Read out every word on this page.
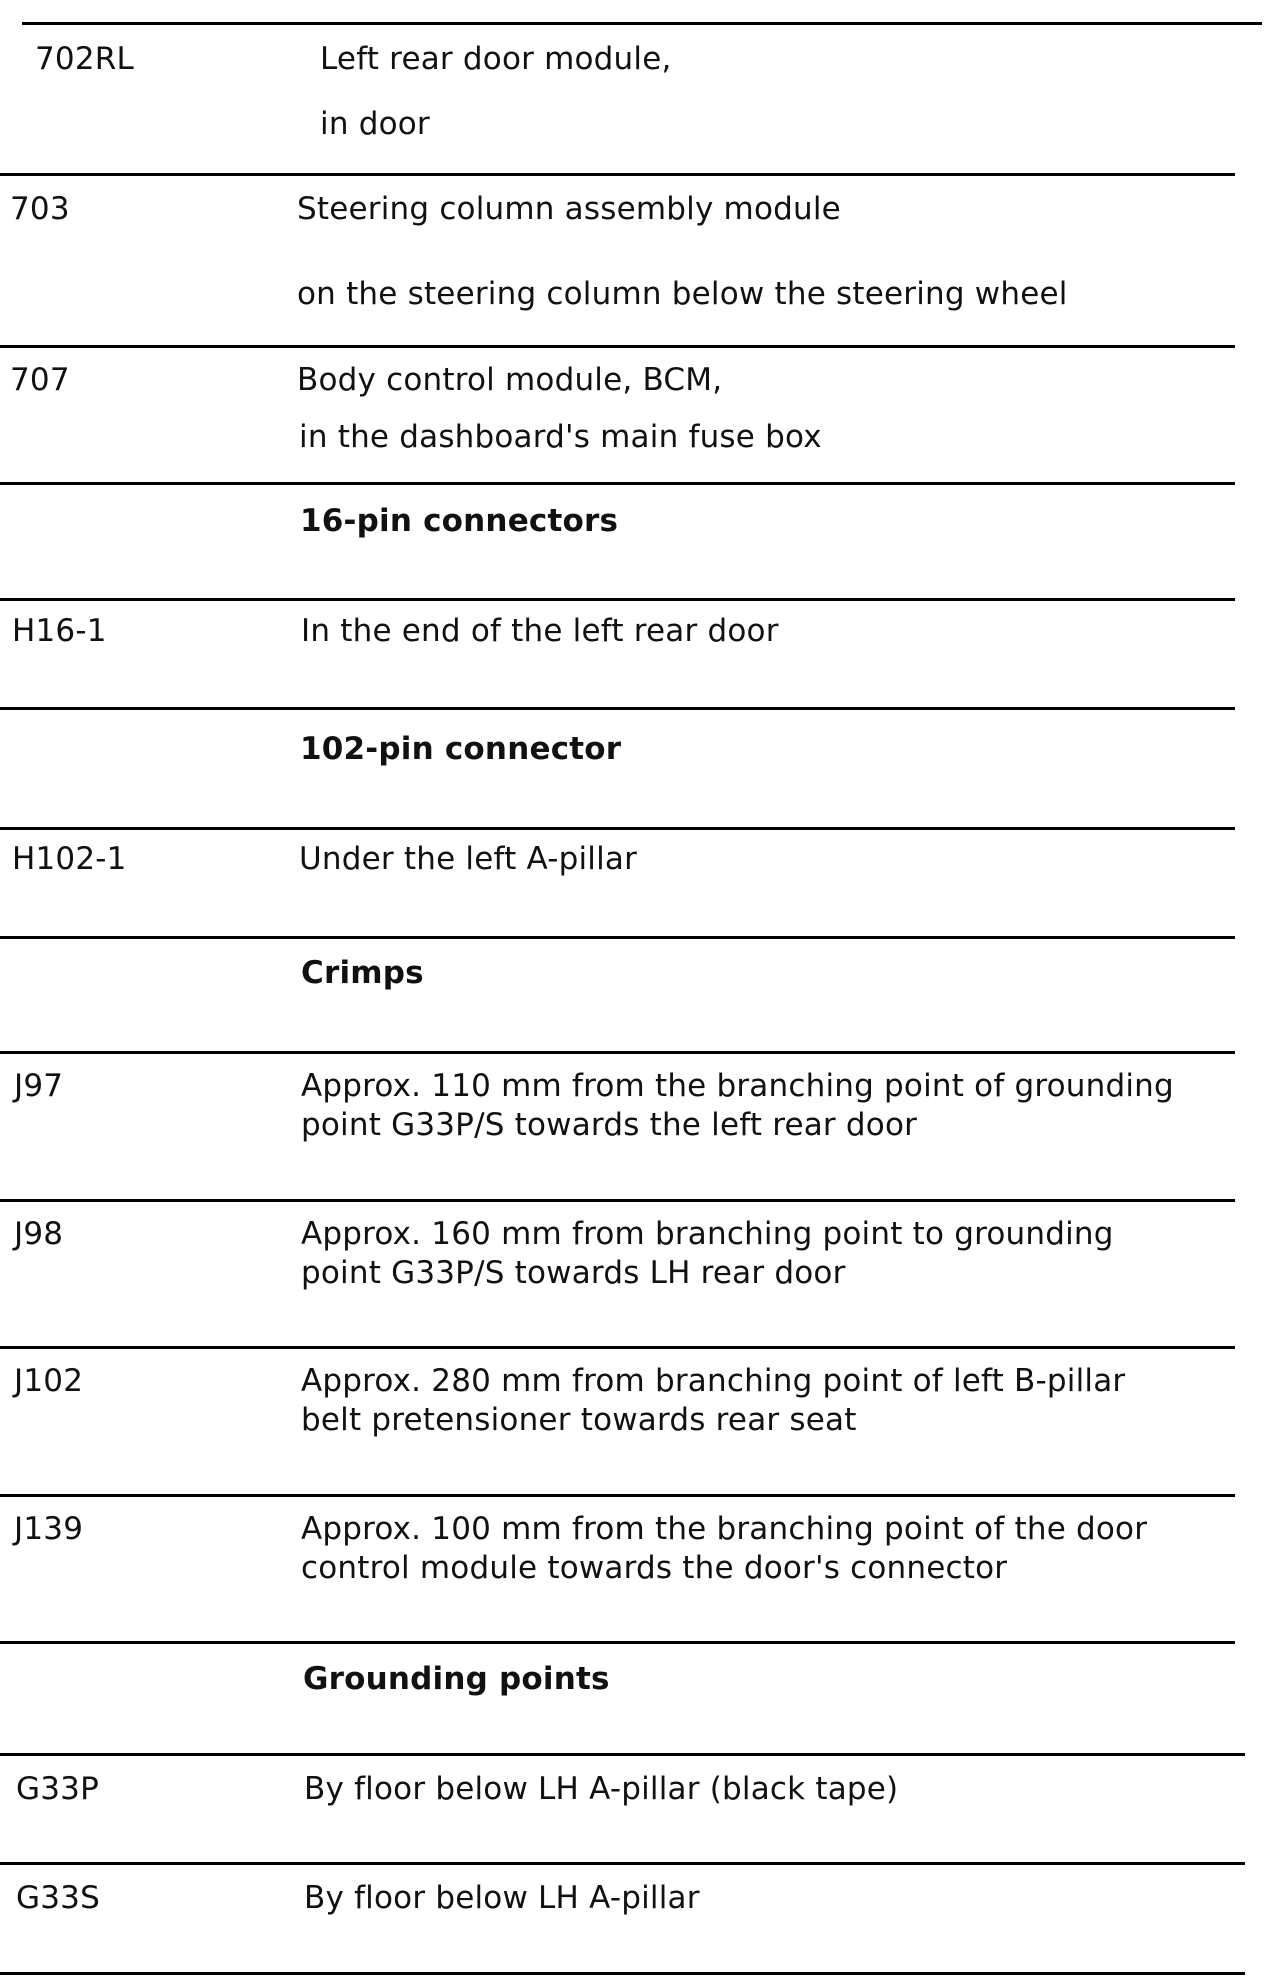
702RL	Left rear door module,
in door
703	Steering column assembly module
on the steering column below the steering wheel
707	Body control module, BCM,
in the dashboard's main fuse box
16-pin connectors
H16-1	In the end of the left rear door
102-pin connector
H102-1	Under the left A-pillar
Crimps
J97	Approx. 110 mm from the branching point of grounding
point G33P/S towards the left rear door
J98	Approx. 160 mm from branching point to grounding
point G33P/S towards LH rear door
J102	Approx. 280 mm from branching point of left B-pillar
belt pretensioner towards rear seat
J139	Approx. 100 mm from the branching point of the door
control module towards the door's connector
Grounding points
G33P	By floor below LH A-pillar (black tape)
G33S	By floor below LH A-pillar
